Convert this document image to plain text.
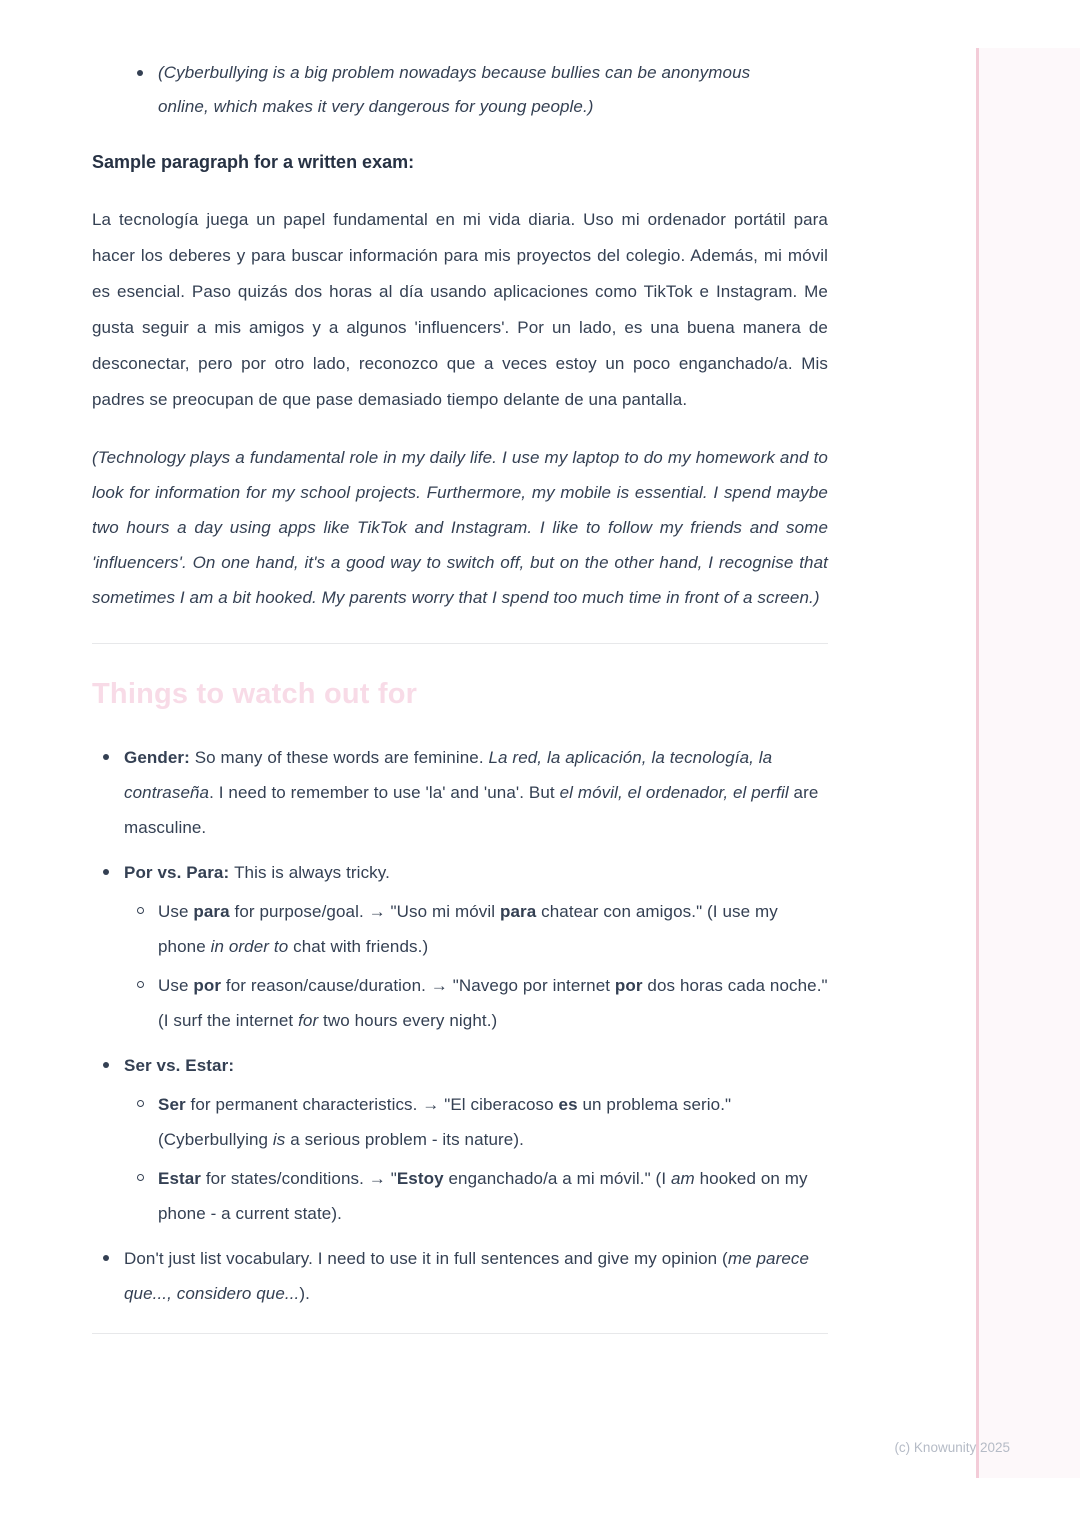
(Cyberbullying is a big problem nowadays because bullies can be anonymous online, which makes it very dangerous for young people.)

Sample paragraph for a written exam:

La tecnología juega un papel fundamental en mi vida diaria. Uso mi ordenador portátil para hacer los deberes y para buscar información para mis proyectos del colegio. Además, mi móvil es esencial. Paso quizás dos horas al día usando aplicaciones como TikTok e Instagram. Me gusta seguir a mis amigos y a algunos 'influencers'. Por un lado, es una buena manera de desconectar, pero por otro lado, reconozco que a veces estoy un poco enganchado/a. Mis padres se preocupan de que pase demasiado tiempo delante de una pantalla.

(Technology plays a fundamental role in my daily life. I use my laptop to do my homework and to look for information for my school projects. Furthermore, my mobile is essential. I spend maybe two hours a day using apps like TikTok and Instagram. I like to follow my friends and some 'influencers'. On one hand, it's a good way to switch off, but on the other hand, I recognise that sometimes I am a bit hooked. My parents worry that I spend too much time in front of a screen.)

Things to watch out for

Gender: So many of these words are feminine. La red, la aplicación, la tecnología, la contraseña. I need to remember to use 'la' and 'una'. But el móvil, el ordenador, el perfil are masculine.

Por vs. Para: This is always tricky.

Use para for purpose/goal. → "Uso mi móvil para chatear con amigos." (I use my phone in order to chat with friends.)

Use por for reason/cause/duration. → "Navego por internet por dos horas cada noche." (I surf the internet for two hours every night.)

Ser vs. Estar:

Ser for permanent characteristics. → "El ciberacoso es un problema serio." (Cyberbullying is a serious problem - its nature).

Estar for states/conditions. → "Estoy enganchado/a a mi móvil." (I am hooked on my phone - a current state).

Don't just list vocabulary. I need to use it in full sentences and give my opinion (me parece que..., considero que...).

(c) Knowunity 2025
